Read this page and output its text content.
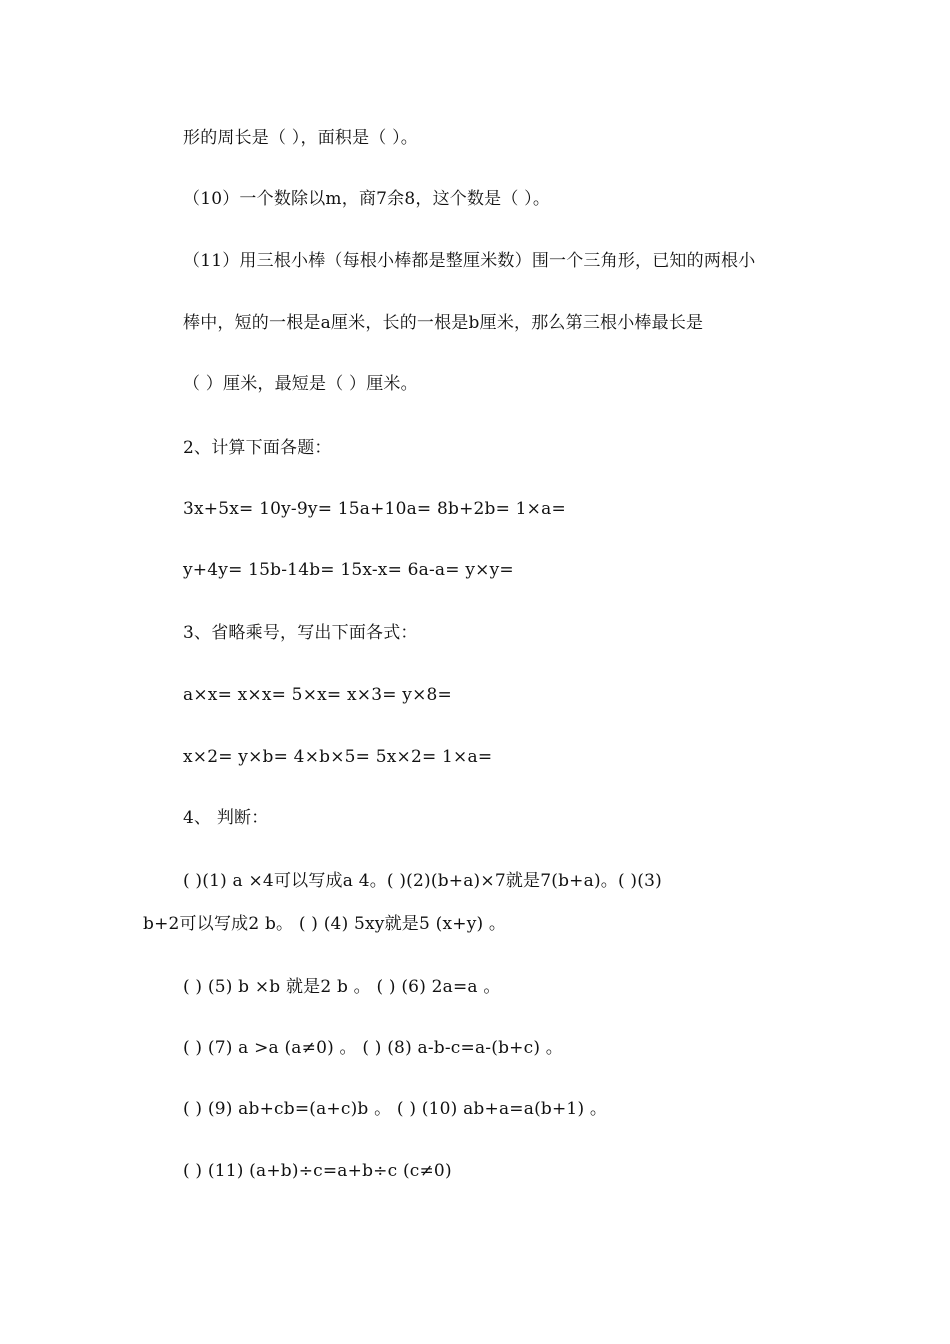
形的周长是（ ），面积是（ ）。
（10）一个数除以m，商7余8，这个数是（ ）。
（11）用三根小棒（每根小棒都是整厘米数）围一个三角形，已知的两根小
棒中，短的一根是a厘米，长的一根是b厘米，那么第三根小棒最长是
（ ）厘米，最短是（ ）厘米。
2、计算下面各题：
3x+5x= 10y-9y= 15a+10a= 8b+2b= 1×a=
y+4y= 15b-14b= 15x-x= 6a-a= y×y=
3、省略乘号，写出下面各式：
a×x= x×x= 5×x= x×3= y×8=
x×2= y×b= 4×b×5= 5x×2= 1×a=
4、 判断：
( )(1) a ×4可以写成a 4。( )(2)(b+a)×7就是7(b+a)。( )(3)
b+2可以写成2 b。 ( ) (4) 5xy就是5 (x+y) 。
( ) (5) b ×b 就是2 b 。 ( ) (6) 2a=a 。
( ) (7) a >a (a≠0) 。 ( ) (8) a-b-c=a-(b+c) 。
( ) (9) ab+cb=(a+c)b 。 ( ) (10) ab+a=a(b+1) 。
( ) (11) (a+b)÷c=a+b÷c (c≠0)
